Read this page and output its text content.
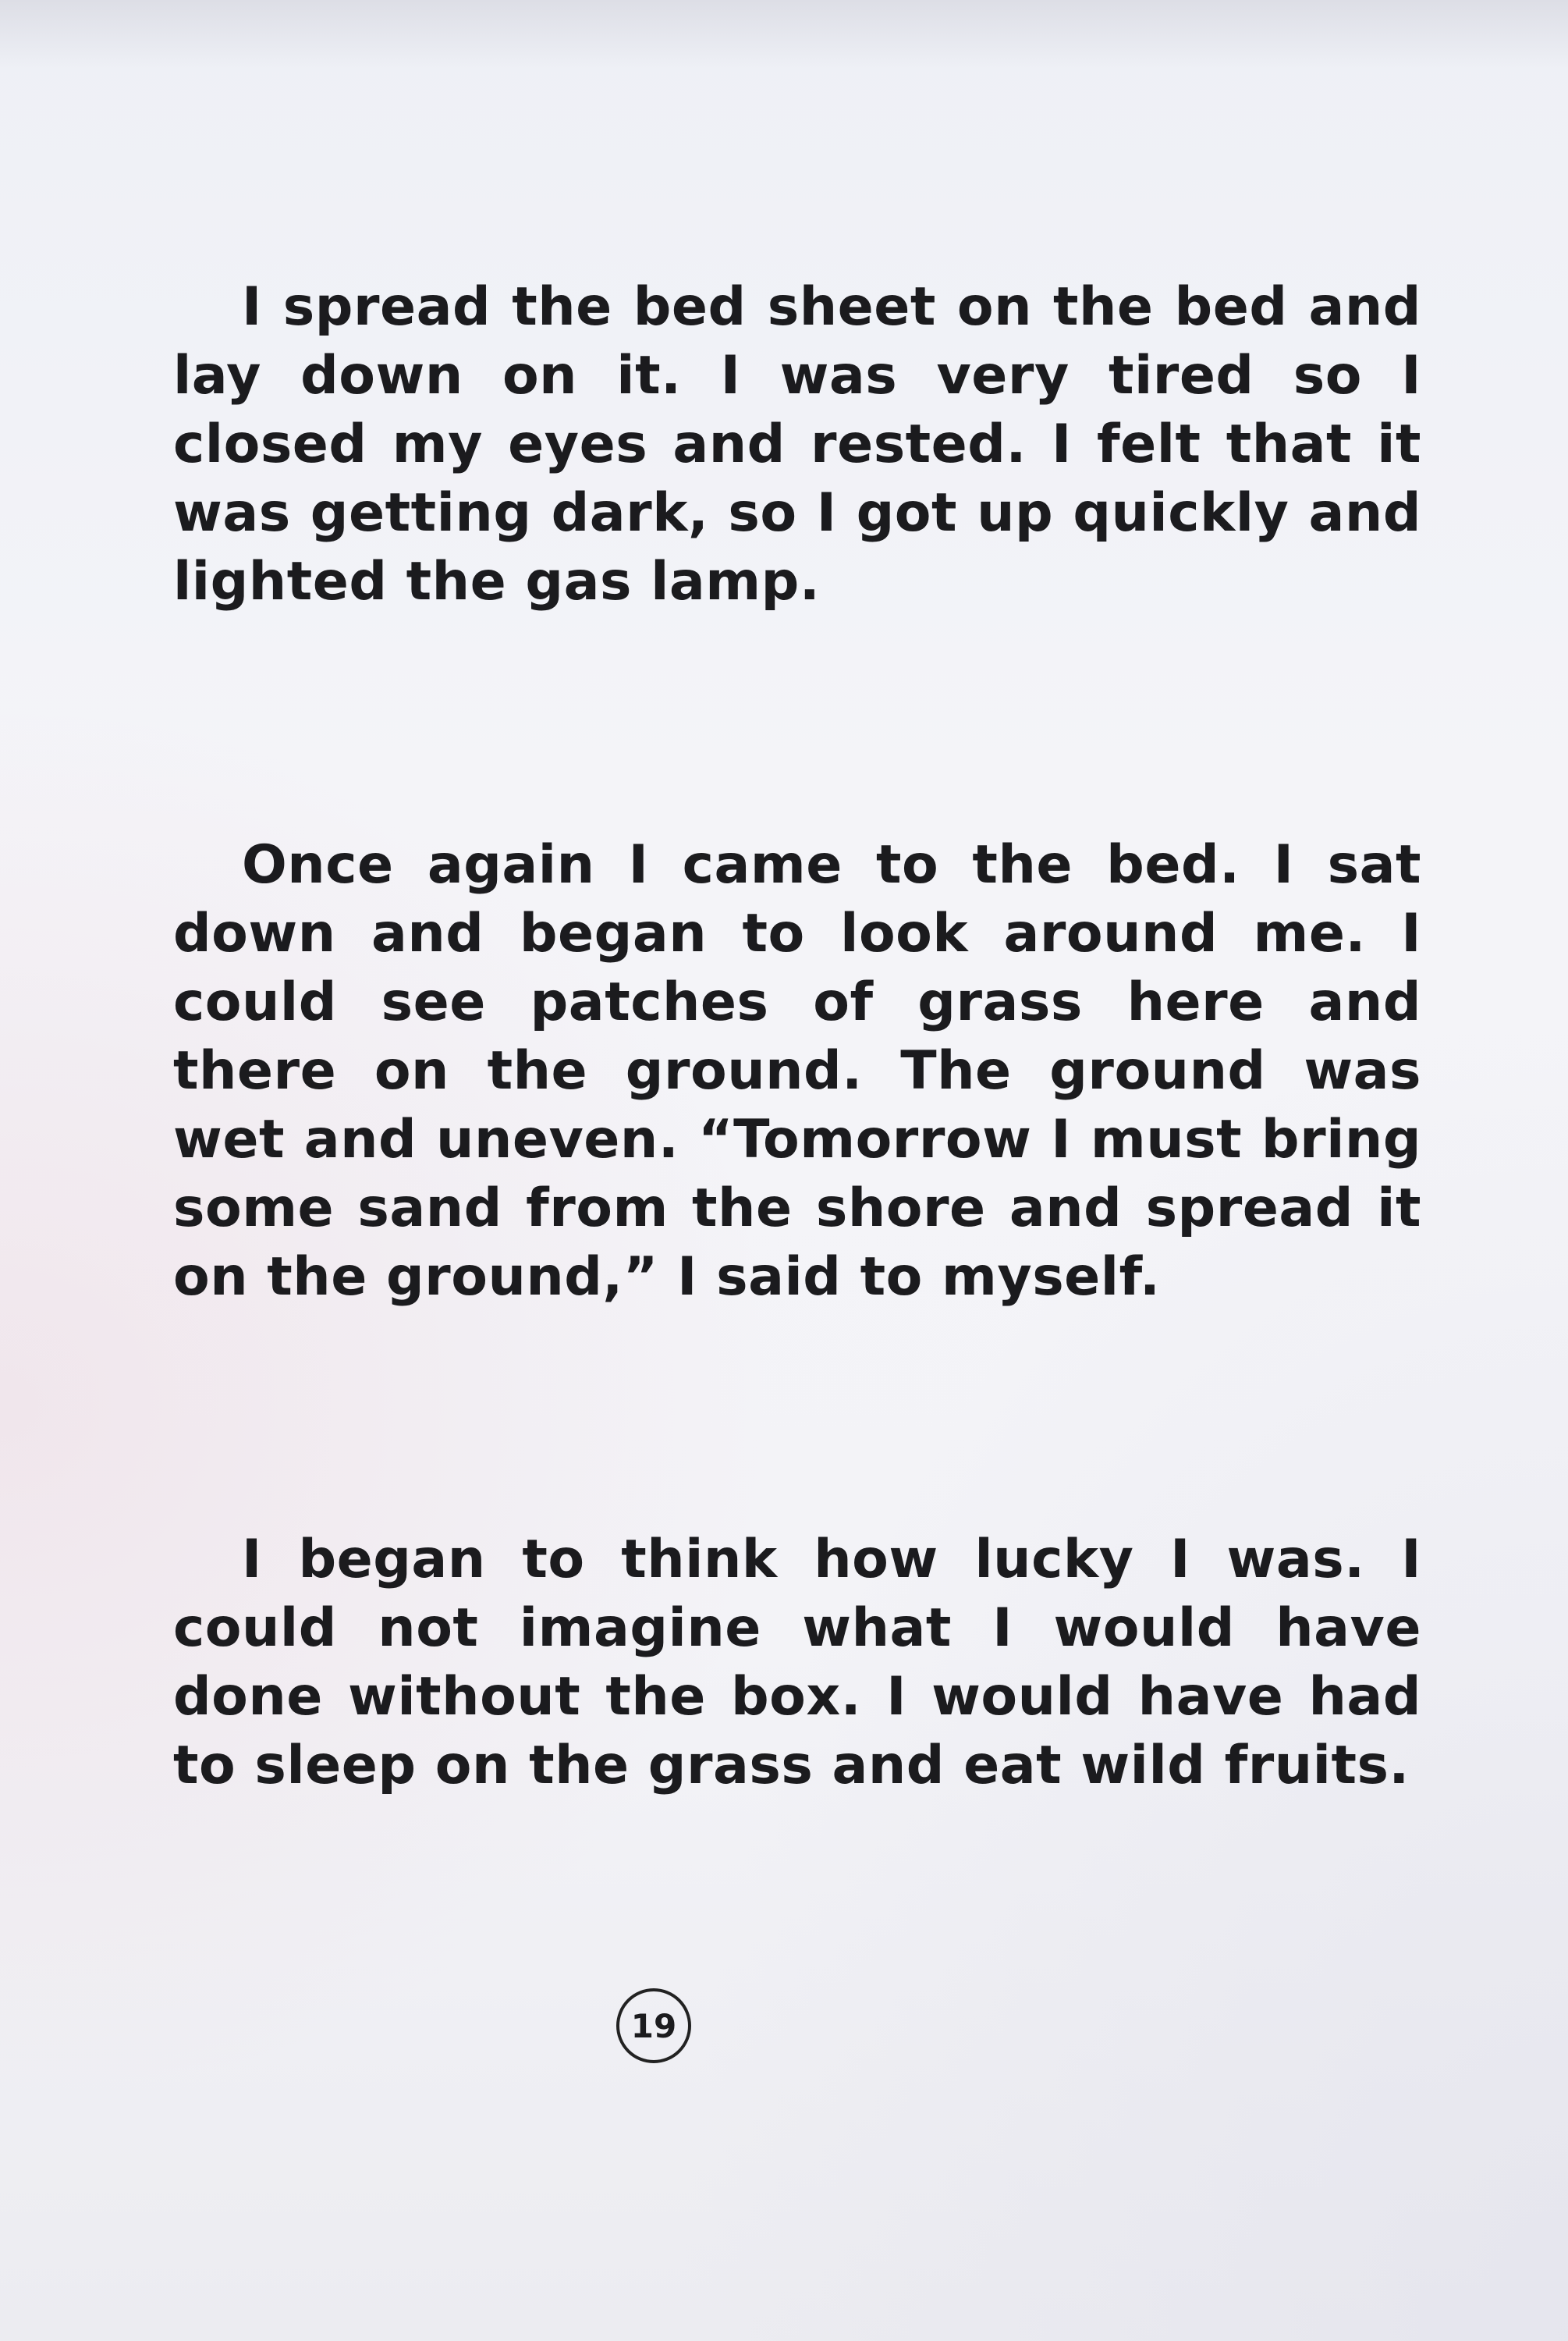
I spread the bed sheet on the bed and lay down on it. I was very tired so I closed my eyes and rested. I felt that it was getting dark, so I got up quickly and lighted the gas lamp.

Once again I came to the bed. I sat down and began to look around me. I could see patches of grass here and there on the ground. The ground was wet and uneven. “Tomorrow I must bring some sand from the shore and spread it on the ground,” I said to myself.

I began to think how lucky I was. I could not imagine what I would have done without the box. I would have had to sleep on the grass and eat wild fruits.

19
